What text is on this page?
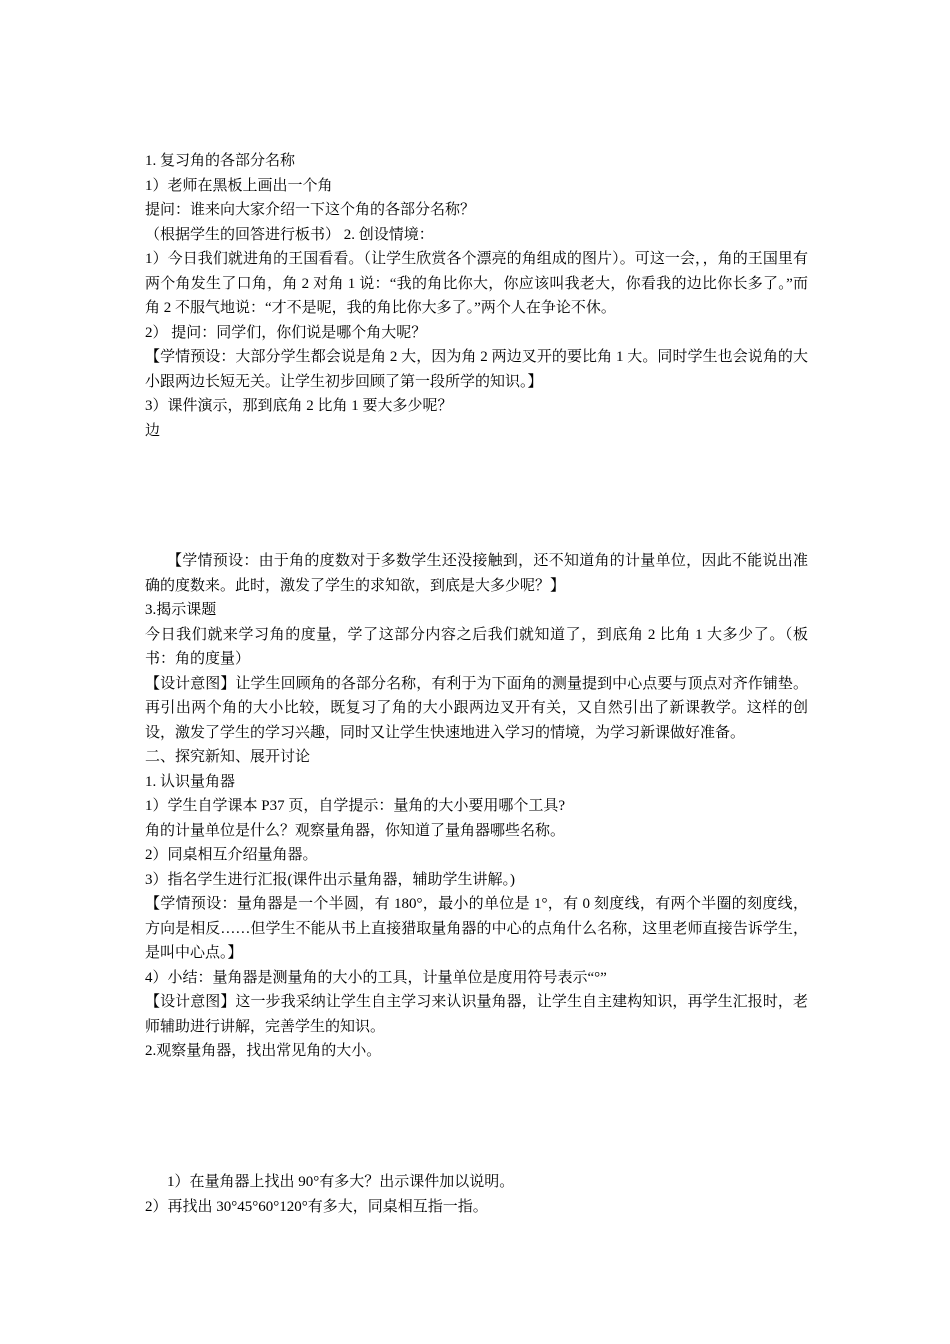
1. 复习角的各部分名称

1）老师在黑板上画出一个角

提问：谁来向大家介绍一下这个角的各部分名称？

（根据学生的回答进行板书） 2. 创设情境：

1）今日我们就进角的王国看看。（让学生欣赏各个漂亮的角组成的图片）。可这一会，，角的王国里有两个角发生了口角，角 2 对角 1 说：“我的角比你大，你应该叫我老大，你看我的边比你长多了。”而角 2 不服气地说：“才不是呢，我的角比你大多了。”两个人在争论不休。

2） 提问：同学们，你们说是哪个角大呢？

【学情预设：大部分学生都会说是角 2 大，因为角 2 两边叉开的要比角 1 大。同时学生也会说角的大小跟两边长短无关。让学生初步回顾了第一段所学的知识。】

3）课件演示，那到底角 2 比角 1 要大多少呢？

边

【学情预设：由于角的度数对于多数学生还没接触到，还不知道角的计量单位，因此不能说出准确的度数来。此时，激发了学生的求知欲，到底是大多少呢？】

3.揭示课题

今日我们就来学习角的度量，学了这部分内容之后我们就知道了，到底角 2 比角 1 大多少了。（板书：角的度量）

【设计意图】让学生回顾角的各部分名称，有利于为下面角的测量提到中心点要与顶点对齐作铺垫。再引出两个角的大小比较，既复习了角的大小跟两边叉开有关，又自然引出了新课教学。这样的创设，激发了学生的学习兴趣，同时又让学生快速地进入学习的情境，为学习新课做好准备。

二、探究新知、展开讨论

1. 认识量角器

1）学生自学课本 P37 页，自学提示：量角的大小要用哪个工具?

角的计量单位是什么？观察量角器，你知道了量角器哪些名称。

2）同桌相互介绍量角器。

3）指名学生进行汇报(课件出示量角器，辅助学生讲解。)

【学情预设：量角器是一个半圆，有 180°，最小的单位是 1°，有 0 刻度线，有两个半圈的刻度线，方向是相反……但学生不能从书上直接猎取量角器的中心的点角什么名称，这里老师直接告诉学生，是叫中心点。】

4）小结：量角器是测量角的大小的工具，计量单位是度用符号表示“°”

【设计意图】这一步我采纳让学生自主学习来认识量角器，让学生自主建构知识，再学生汇报时，老师辅助进行讲解，完善学生的知识。

2.观察量角器，找出常见角的大小。

1）在量角器上找出 90°有多大？出示课件加以说明。

2）再找出 30°45°60°120°有多大，同桌相互指一指。
